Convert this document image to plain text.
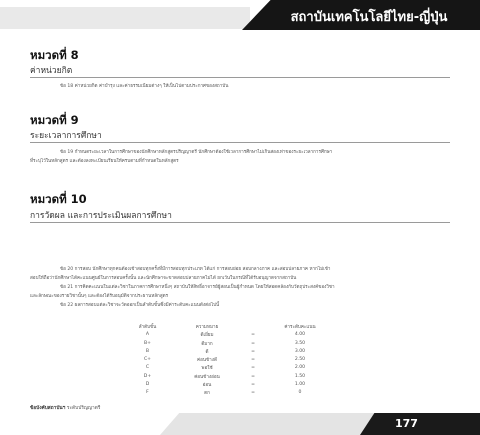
สถาบันเทคโนโลยีไทย-ญี่ปุ่น
หมวดที่ 8
ค่าหน่วยกิต
ข้อ 18 ค่าหน่วยกิต ค่าบำรุง และค่าธรรมเนียมต่างๆ ให้เป็นไปตามประกาศของสถาบัน
หมวดที่ 9
ระยะเวลาการศึกษา
ข้อ 19 กำหนดระยะเวลาในการศึกษาของนักศึกษาหลักสูตรปริญญาตรี นักศึกษาต้องใช้เวลาการศึกษาไม่เกินสองเท่าของระยะเวลาการศึกษา
ที่ระบุไว้ในหลักสูตร และต้องลงทะเบียนเรียนให้ครบตามที่กำหนดในหลักสูตร
หมวดที่ 10
การวัดผล และการประเมินผลการศึกษา
ข้อ 20 การสอบ นักศึกษาทุกคนต้องเข้าสอบทุกครั้งที่มีการสอบทุกประเภท ได้แก่ การสอบย่อย สอบกลางภาค และสอบปลายภาค หากไม่เข้า
สอบให้ถือว่านักศึกษาได้คะแนนศูนย์ในการสอบครั้งนั้น และนักศึกษาจะขาดสอบปลายภาคไม่ได้ ยกเว้นในกรณีที่ได้รับอนุญาตจากสถาบัน
ข้อ 21 การคิดคะแนนในแต่ละวิชาในภาคการศึกษาหนึ่งๆ สถาบันให้สิทธิ์อาจารย์ผู้สอนเป็นผู้กำหนด โดยให้สอดคล้องกับวัตถุประสงค์ของวิชา
และลักษณะของรายวิชานั้นๆ และต้องได้รับอนุมัติจากประธานหลักสูตร
ข้อ 22 ผลการสอบแต่ละวิชาจะวัดออกเป็นลำดับขั้นซึ่งมีค่าระดับคะแนนดังต่อไปนี้
ลำดับขั้น	ความหมาย	ค่าระดับคะแนน
A	ดีเยี่ยม	=	4.00
B+	ดีมาก	=	3.50
B	ดี	=	3.00
C+	ค่อนข้างดี	=	2.50
C	พอใช้	=	2.00
D+	ค่อนข้างอ่อน	=	1.50
D	อ่อน	=	1.00
F	ตก	=	0
ข้อบังคับสถาบันฯ ระดับปริญญาตรี
177
